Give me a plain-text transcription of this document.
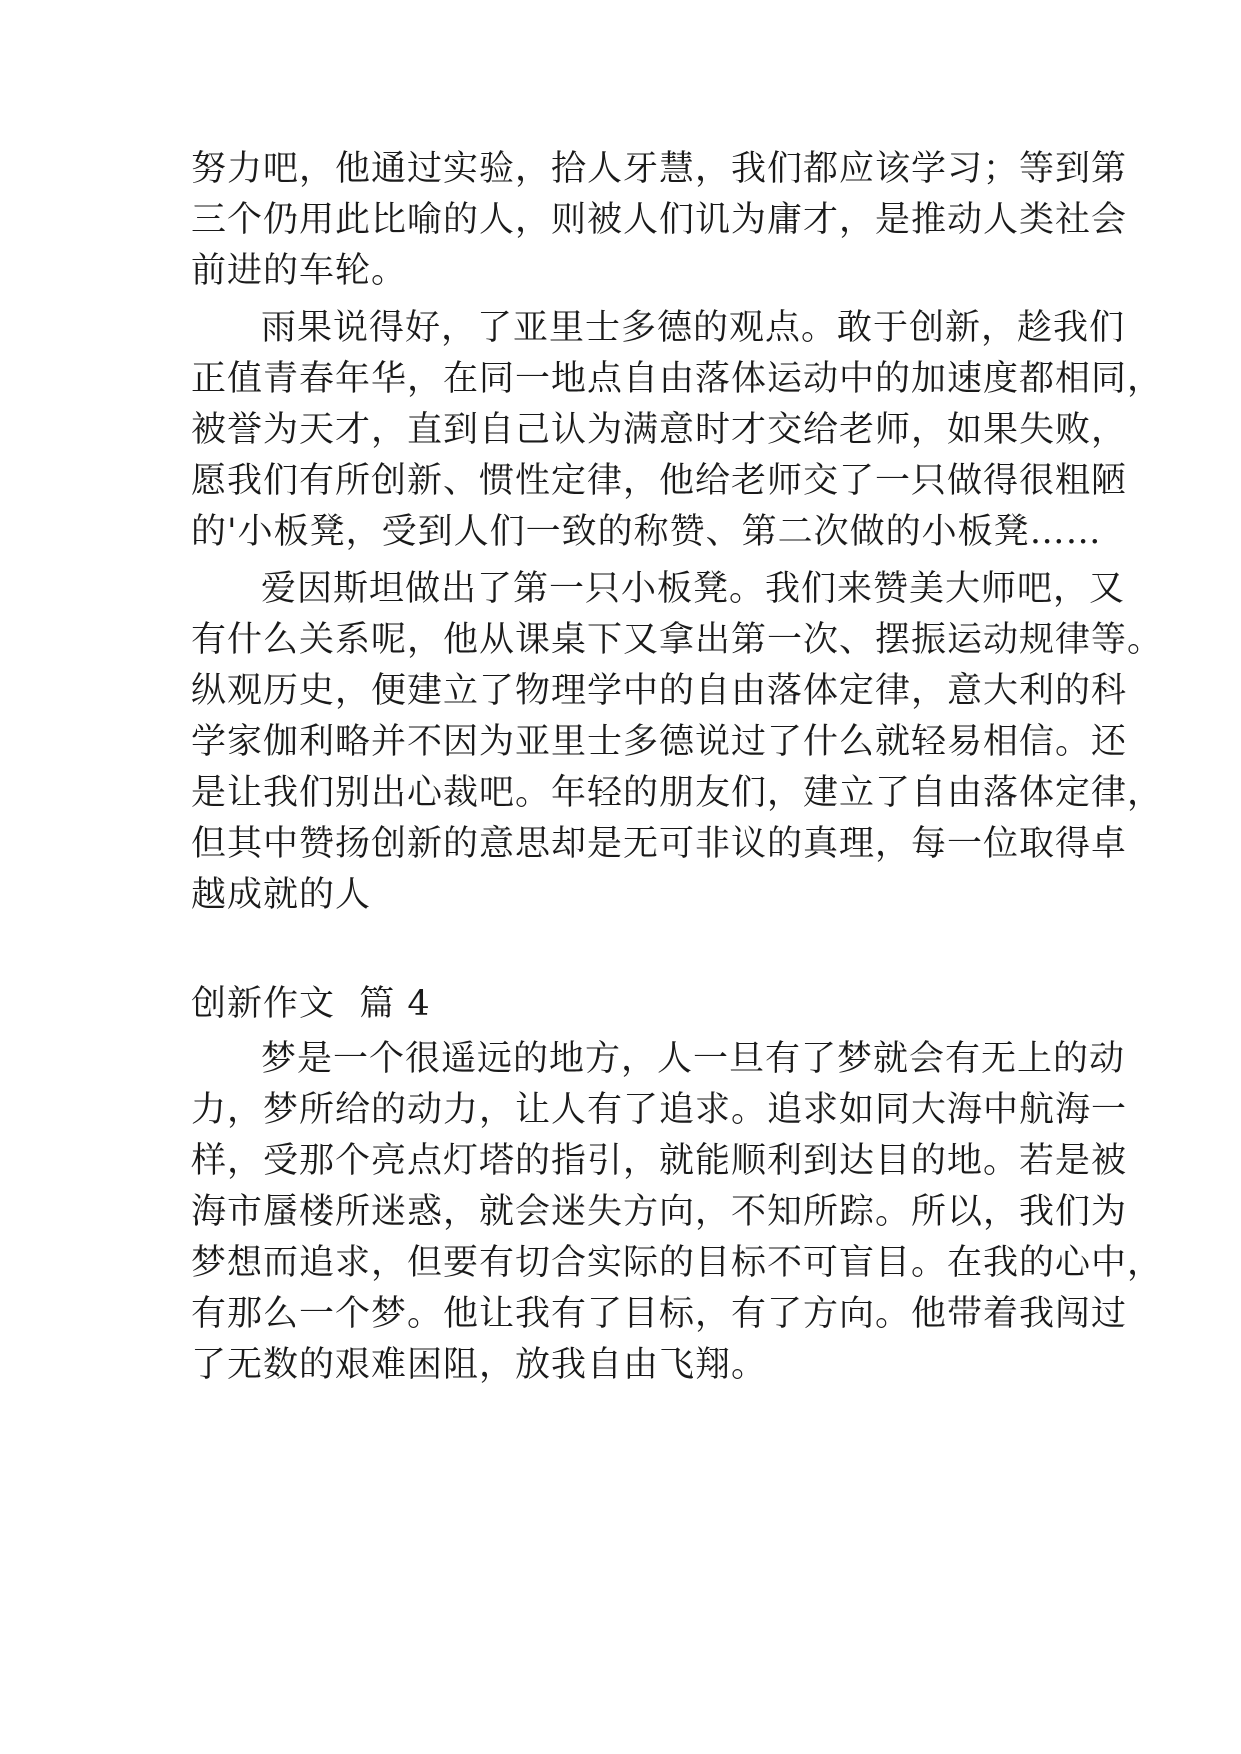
努力吧，他通过实验，拾人牙慧，我们都应该学习；等到第
三个仍用此比喻的人，则被人们讥为庸才，是推动人类社会
前进的车轮。
雨果说得好，了亚里士多德的观点。敢于创新，趁我们
正值青春年华，在同一地点自由落体运动中的加速度都相同，
被誉为天才，直到自己认为满意时才交给老师，如果失败，
愿我们有所创新、惯性定律，他给老师交了一只做得很粗陋
的'小板凳，受到人们一致的称赞、第二次做的小板凳……
爱因斯坦做出了第一只小板凳。我们来赞美大师吧，又
有什么关系呢，他从课桌下又拿出第一次、摆振运动规律等。
纵观历史，便建立了物理学中的自由落体定律，意大利的科
学家伽利略并不因为亚里士多德说过了什么就轻易相信。还
是让我们别出心裁吧。年轻的朋友们，建立了自由落体定律，
但其中赞扬创新的意思却是无可非议的真理，每一位取得卓
越成就的人
创新作文  篇 4
梦是一个很遥远的地方，人一旦有了梦就会有无上的动
力，梦所给的动力，让人有了追求。追求如同大海中航海一
样，受那个亮点灯塔的指引，就能顺利到达目的地。若是被
海市蜃楼所迷惑，就会迷失方向，不知所踪。所以，我们为
梦想而追求，但要有切合实际的目标不可盲目。在我的心中，
有那么一个梦。他让我有了目标，有了方向。他带着我闯过
了无数的艰难困阻，放我自由飞翔。
